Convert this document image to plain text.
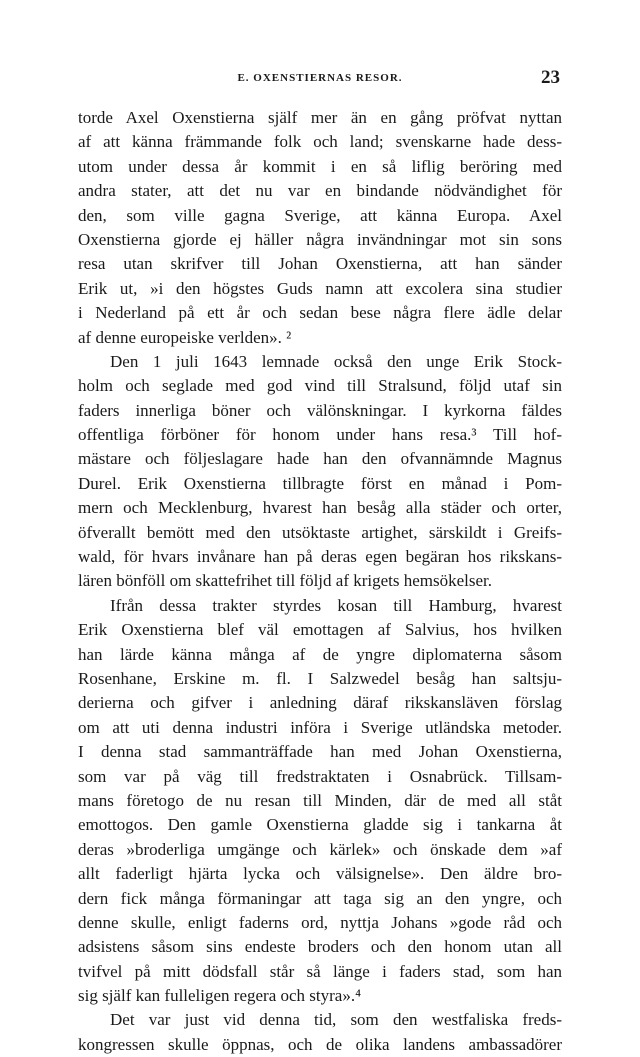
E. OXENSTIERNAS RESOR.	23
torde Axel Oxenstierna själf mer än en gång pröfvat nyttan
af att känna främmande folk och land; svenskarne hade dess-
utom under dessa år kommit i en så liflig beröring med
andra stater, att det nu var en bindande nödvändighet för
den, som ville gagna Sverige, att känna Europa. Axel
Oxenstierna gjorde ej häller några invändningar mot sin sons
resa utan skrifver till Johan Oxenstierna, att han sänder
Erik ut, »i den högstes Guds namn att excolera sina studier
i Nederland på ett år och sedan bese några flere ädle delar
af denne europeiske verlden». ²
Den 1 juli 1643 lemnade också den unge Erik Stock-
holm och seglade med god vind till Stralsund, följd utaf sin
faders innerliga böner och välönskningar. I kyrkorna fäldes
offentliga förböner för honom under hans resa.³ Till hof-
mästare och följeslagare hade han den ofvannämnde Magnus
Durel. Erik Oxenstierna tillbragte först en månad i Pom-
mern och Mecklenburg, hvarest han besåg alla städer och orter,
öfverallt bemött med den utsöktaste artighet, särskildt i Greifs-
wald, för hvars invånare han på deras egen begäran hos rikskans-
lären bönföll om skattefrihet till följd af krigets hemsökelser.
Ifrån dessa trakter styrdes kosan till Hamburg, hvarest
Erik Oxenstierna blef väl emottagen af Salvius, hos hvilken
han lärde känna många af de yngre diplomaterna såsom
Rosenhane, Erskine m. fl. I Salzwedel besåg han saltsju-
derierna och gifver i anledning däraf rikskansläven förslag
om att uti denna industri införa i Sverige utländska metoder.
I denna stad sammanträffade han med Johan Oxenstierna,
som var på väg till fredstraktaten i Osnabrück. Tillsam-
mans företogo de nu resan till Minden, där de med all ståt
emottogos. Den gamle Oxenstierna gladde sig i tankarna åt
deras »broderliga umgänge och kärlek» och önskade dem »af
allt faderligt hjärta lycka och välsignelse». Den äldre bro-
dern fick många förmaningar att taga sig an den yngre, och
denne skulle, enligt faderns ord, nyttja Johans »gode råd och
adsistens såsom sins endeste broders och den honom utan all
tvifvel på mitt dödsfall står så länge i faders stad, som han
sig själf kan fulleligen regera och styra».⁴
Det var just vid denna tid, som den westfaliska freds-
kongressen skulle öppnas, och de olika landens ambassadörer
